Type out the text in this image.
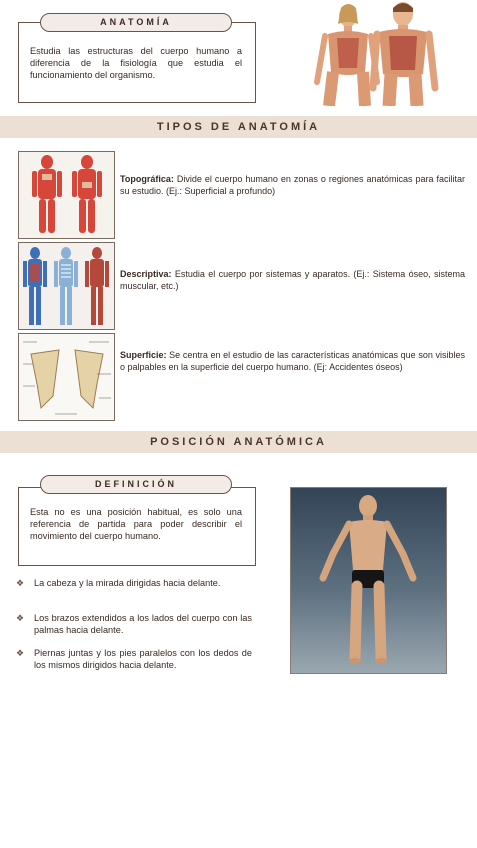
ANATOMÍA
Estudia las estructuras del cuerpo humano a diferencia de la fisiología que estudia el funcionamiento del organismo.
TIPOS DE ANATOMÍA
Topográfica: Divide el cuerpo humano en zonas o regiones anatómicas para facilitar su estudio. (Ej.: Superficial a profundo)
Descriptiva: Estudia el cuerpo por sistemas y aparatos. (Ej.: Sistema óseo, sistema muscular, etc.)
Superficie: Se centra en el estudio de las características anatómicas que son visibles o palpables en la superficie del cuerpo humano. (Ej: Accidentes óseos)
POSICIÓN ANATÓMICA
DEFINICIÓN
Esta no es una posición habitual, es solo una referencia de partida para poder describir el movimiento del cuerpo humano.
❖ La cabeza y la mirada dirigidas hacia delante.
❖ Los brazos extendidos a los lados del cuerpo con las palmas hacia delante.
❖ Piernas juntas y los pies paralelos con los dedos de los mismos dirigidos hacia delante.
